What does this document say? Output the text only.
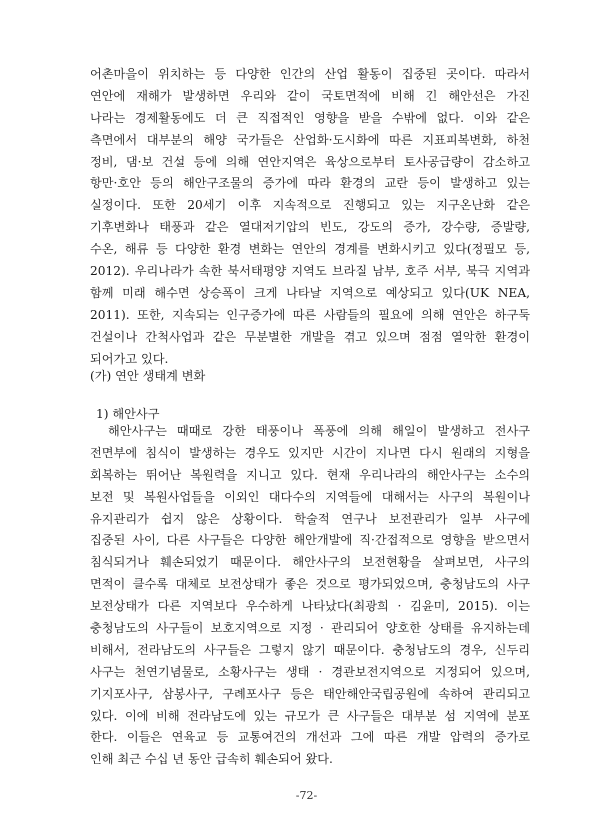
어촌마을이 위치하는 등 다양한 인간의 산업 활동이 집중된 곳이다. 따라서
연안에 재해가 발생하면 우리와 같이 국토면적에 비해 긴 해안선은 가진
나라는 경제활동에도 더 큰 직접적인 영향을 받을 수밖에 없다. 이와 같은
측면에서 대부분의 해양 국가들은 산업화·도시화에 따른 지표피복변화, 하천
정비, 댐·보 건설 등에 의해 연안지역은 육상으로부터 토사공급량이 감소하고
항만·호안 등의 해안구조물의 증가에 따라 환경의 교란 등이 발생하고 있는
실정이다. 또한 20세기 이후 지속적으로 진행되고 있는 지구온난화 같은
기후변화나 태풍과 같은 열대저기압의 빈도, 강도의 증가, 강수량, 증발량,
수온, 해류 등 다양한 환경 변화는 연안의 경계를 변화시키고 있다(정필모 등,
2012). 우리나라가 속한 북서태평양 지역도 브라질 남부, 호주 서부, 북극 지역과
함께 미래 해수면 상승폭이 크게 나타날 지역으로 예상되고 있다(UK NEA,
2011). 또한, 지속되는 인구증가에 따른 사람들의 필요에 의해 연안은 하구둑
건설이나 간척사업과 같은 무분별한 개발을 겪고 있으며 점점 열악한 환경이
되어가고 있다.
(가) 연안 생태계 변화
1) 해안사구
해안사구는 때때로 강한 태풍이나 폭풍에 의해 해일이 발생하고 전사구
전면부에 침식이 발생하는 경우도 있지만 시간이 지나면 다시 원래의 지형을
회복하는 뛰어난 복원력을 지니고 있다. 현재 우리나라의 해안사구는 소수의
보전 및 복원사업들을 이외인 대다수의 지역들에 대해서는 사구의 복원이나
유지관리가 쉽지 않은 상황이다. 학술적 연구나 보전관리가 일부 사구에
집중된 사이, 다른 사구들은 다양한 해안개발에 직·간접적으로 영향을 받으면서
침식되거나 훼손되었기 때문이다. 해안사구의 보전현황을 살펴보면, 사구의
면적이 클수록 대체로 보전상태가 좋은 것으로 평가되었으며, 충청남도의 사구
보전상태가 다른 지역보다 우수하게 나타났다(최광희 · 김윤미, 2015). 이는
충청남도의 사구들이 보호지역으로 지정 · 관리되어 양호한 상태를 유지하는데
비해서, 전라남도의 사구들은 그렇지 않기 때문이다. 충청남도의 경우, 신두리
사구는 천연기념물로, 소황사구는 생태 · 경관보전지역으로 지정되어 있으며,
기지포사구, 삼봉사구, 구례포사구 등은 태안해안국립공원에 속하여 관리되고
있다. 이에 비해 전라남도에 있는 규모가 큰 사구들은 대부분 섬 지역에 분포
한다. 이들은 연육교 등 교통여건의 개선과 그에 따른 개발 압력의 증가로
인해 최근 수십 년 동안 급속히 훼손되어 왔다.
-72-
